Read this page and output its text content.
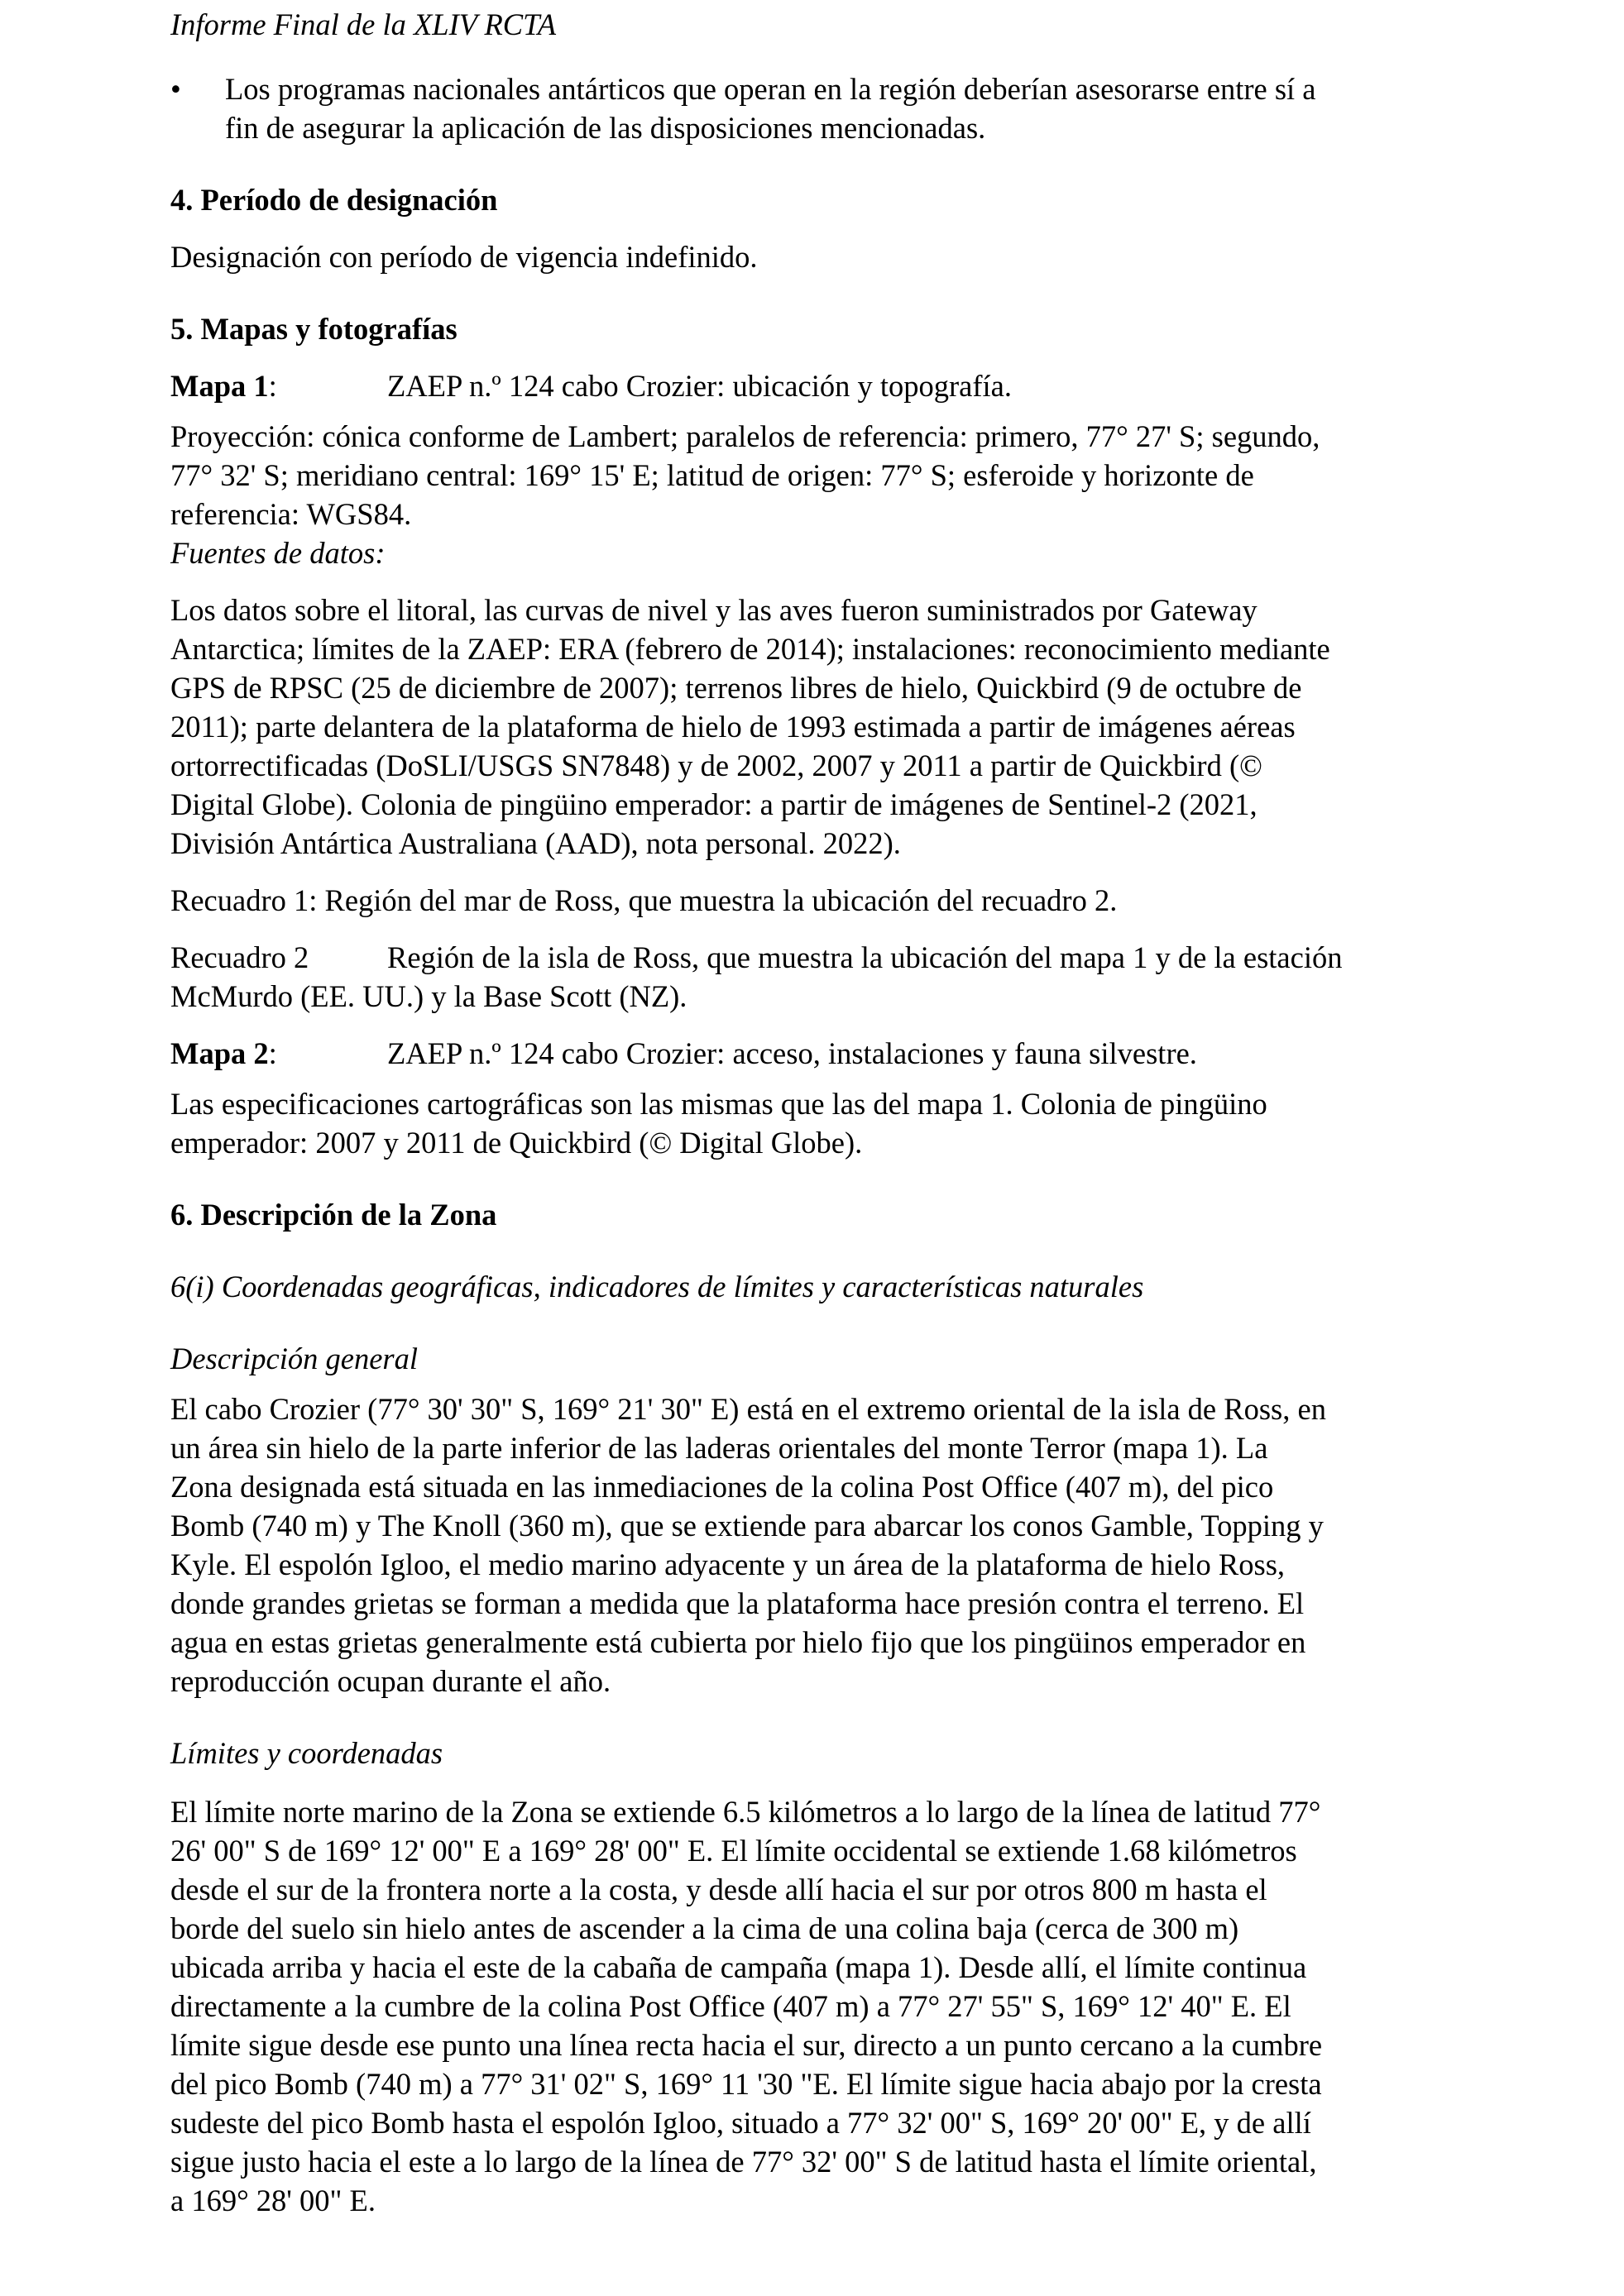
Informe Final de la XLIV RCTA

• Los programas nacionales antárticos que operan en la región deberían asesorarse entre sí a
fin de asegurar la aplicación de las disposiciones mencionadas.

4. Período de designación

Designación con período de vigencia indefinido.

5. Mapas y fotografías

Mapa 1:	ZAEP n.º 124 cabo Crozier: ubicación y topografía.

Proyección: cónica conforme de Lambert; paralelos de referencia: primero, 77° 27' S; segundo,
77° 32' S; meridiano central: 169° 15' E; latitud de origen: 77° S; esferoide y horizonte de
referencia: WGS84.

Fuentes de datos:

Los datos sobre el litoral, las curvas de nivel y las aves fueron suministrados por Gateway
Antarctica; límites de la ZAEP: ERA (febrero de 2014); instalaciones: reconocimiento mediante
GPS de RPSC (25 de diciembre de 2007); terrenos libres de hielo, Quickbird (9 de octubre de
2011); parte delantera de la plataforma de hielo de 1993 estimada a partir de imágenes aéreas
ortorrectificadas (DoSLI/USGS SN7848) y de 2002, 2007 y 2011 a partir de Quickbird (©
Digital Globe). Colonia de pingüino emperador: a partir de imágenes de Sentinel-2 (2021,
División Antártica Australiana (AAD), nota personal. 2022).

Recuadro 1: Región del mar de Ross, que muestra la ubicación del recuadro 2.

Recuadro 2	Región de la isla de Ross, que muestra la ubicación del mapa 1 y de la estación
McMurdo (EE. UU.) y la Base Scott (NZ).

Mapa 2:	ZAEP n.º 124 cabo Crozier: acceso, instalaciones y fauna silvestre.

Las especificaciones cartográficas son las mismas que las del mapa 1. Colonia de pingüino
emperador: 2007 y 2011 de Quickbird (© Digital Globe).

6. Descripción de la Zona

6(i) Coordenadas geográficas, indicadores de límites y características naturales

Descripción general

El cabo Crozier (77° 30' 30" S, 169° 21' 30" E) está en el extremo oriental de la isla de Ross, en
un área sin hielo de la parte inferior de las laderas orientales del monte Terror (mapa 1). La
Zona designada está situada en las inmediaciones de la colina Post Office (407 m), del pico
Bomb (740 m) y The Knoll (360 m), que se extiende para abarcar los conos Gamble, Topping y
Kyle. El espolón Igloo, el medio marino adyacente y un área de la plataforma de hielo Ross,
donde grandes grietas se forman a medida que la plataforma hace presión contra el terreno. El
agua en estas grietas generalmente está cubierta por hielo fijo que los pingüinos emperador en
reproducción ocupan durante el año.

Límites y coordenadas

El límite norte marino de la Zona se extiende 6.5 kilómetros a lo largo de la línea de latitud 77°
26' 00" S de 169° 12' 00" E a 169° 28' 00" E. El límite occidental se extiende 1.68 kilómetros
desde el sur de la frontera norte a la costa, y desde allí hacia el sur por otros 800 m hasta el
borde del suelo sin hielo antes de ascender a la cima de una colina baja (cerca de 300 m)
ubicada arriba y hacia el este de la cabaña de campaña (mapa 1). Desde allí, el límite continua
directamente a la cumbre de la colina Post Office (407 m) a 77° 27' 55" S, 169° 12' 40" E. El
límite sigue desde ese punto una línea recta hacia el sur, directo a un punto cercano a la cumbre
del pico Bomb (740 m) a 77° 31' 02" S, 169° 11 '30 "E. El límite sigue hacia abajo por la cresta
sudeste del pico Bomb hasta el espolón Igloo, situado a 77° 32' 00" S, 169° 20' 00" E, y de allí
sigue justo hacia el este a lo largo de la línea de 77° 32' 00" S de latitud hasta el límite oriental,
a 169° 28' 00" E.
